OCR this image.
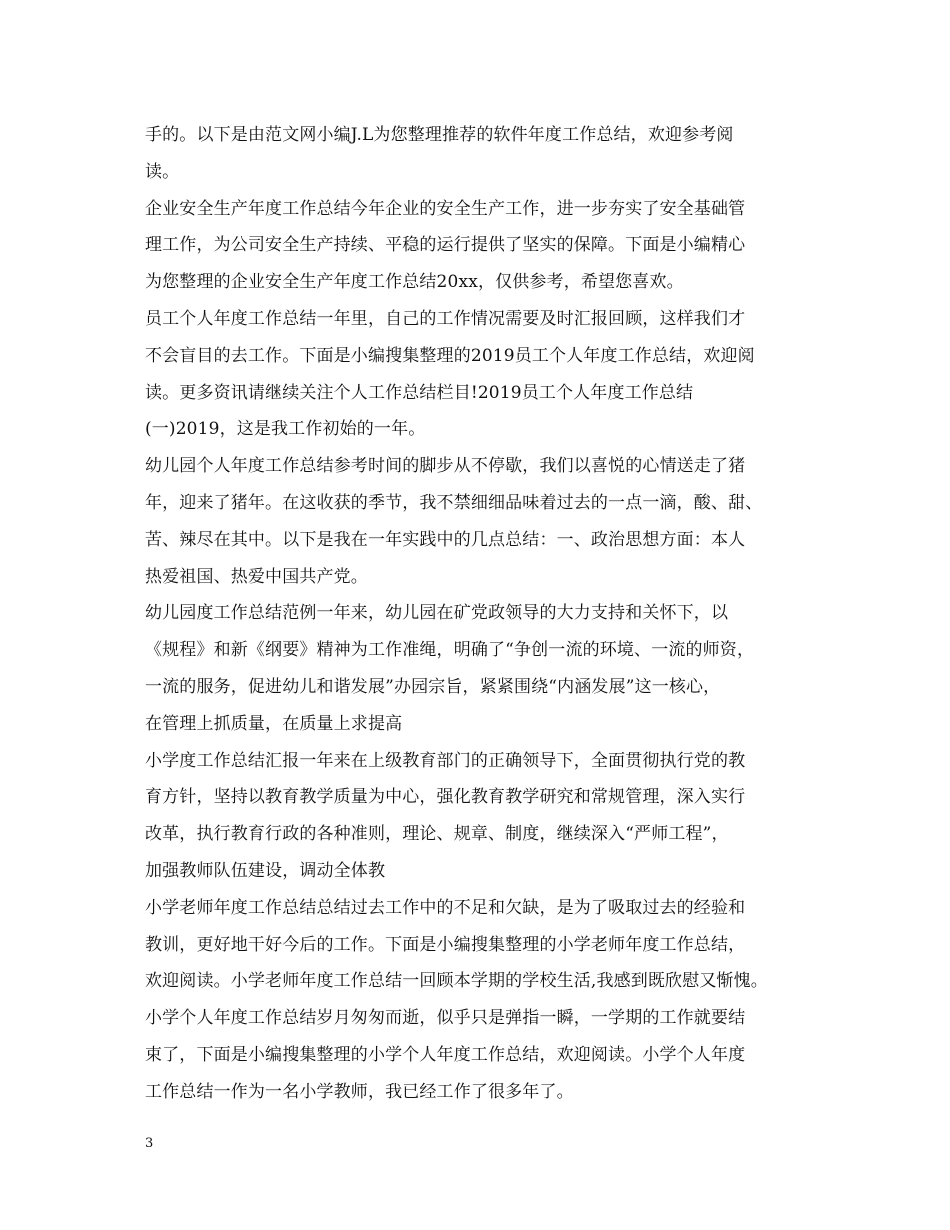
手的。以下是由范文网小编J.L为您整理推荐的软件年度工作总结，欢迎参考阅
读。
企业安全生产年度工作总结今年企业的安全生产工作，进一步夯实了安全基础管
理工作，为公司安全生产持续、平稳的运行提供了坚实的保障。下面是小编精心
为您整理的企业安全生产年度工作总结20xx，仅供参考，希望您喜欢。
员工个人年度工作总结一年里，自己的工作情况需要及时汇报回顾，这样我们才
不会盲目的去工作。下面是小编搜集整理的2019员工个人年度工作总结，欢迎阅
读。更多资讯请继续关注个人工作总结栏目!2019员工个人年度工作总结
(一)2019，这是我工作初始的一年。
幼儿园个人年度工作总结参考时间的脚步从不停歇，我们以喜悦的心情送走了猪
年，迎来了猪年。在这收获的季节，我不禁细细品味着过去的一点一滴，酸、甜、
苦、辣尽在其中。以下是我在一年实践中的几点总结：一、政治思想方面：本人
热爱祖国、热爱中国共产党。
幼儿园度工作总结范例一年来，幼儿园在矿党政领导的大力支持和关怀下，以
《规程》和新《纲要》精神为工作准绳，明确了“争创一流的环境、一流的师资，
一流的服务，促进幼儿和谐发展”办园宗旨，紧紧围绕“内涵发展”这一核心，
在管理上抓质量，在质量上求提高
小学度工作总结汇报一年来在上级教育部门的正确领导下，全面贯彻执行党的教
育方针，坚持以教育教学质量为中心，强化教育教学研究和常规管理，深入实行
改革，执行教育行政的各种准则，理论、规章、制度，继续深入“严师工程”，
加强教师队伍建设，调动全体教
小学老师年度工作总结总结过去工作中的不足和欠缺，是为了吸取过去的经验和
教训，更好地干好今后的工作。下面是小编搜集整理的小学老师年度工作总结，
欢迎阅读。小学老师年度工作总结一回顾本学期的学校生活,我感到既欣慰又惭愧。
小学个人年度工作总结岁月匆匆而逝，似乎只是弹指一瞬，一学期的工作就要结
束了，下面是小编搜集整理的小学个人年度工作总结，欢迎阅读。小学个人年度
工作总结一作为一名小学教师，我已经工作了很多年了。
3
